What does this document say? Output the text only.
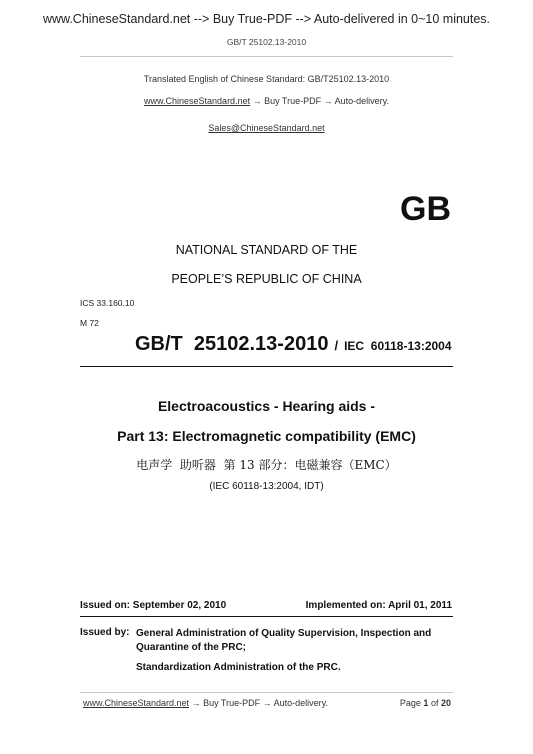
www.ChineseStandard.net --> Buy True-PDF --> Auto-delivered in 0~10 minutes.
GB/T 25102.13-2010
Translated English of Chinese Standard: GB/T25102.13-2010
www.ChineseStandard.net → Buy True-PDF → Auto-delivery.
Sales@ChineseStandard.net
GB
NATIONAL STANDARD OF THE
PEOPLE’S REPUBLIC OF CHINA
ICS 33.160.10
M 72
GB/T  25102.13-2010 / IEC  60118-13:2004
Electroacoustics - Hearing aids -
Part 13: Electromagnetic compatibility (EMC)
电声学  助听器  第 13 部分：电磁兼容（EMC）
(IEC 60118-13:2004, IDT)
Issued on: September 02, 2010	Implemented on: April 01, 2011
Issued by: General Administration of Quality Supervision, Inspection and
Quarantine of the PRC;
Standardization Administration of the PRC.
www.ChineseStandard.net → Buy True-PDF → Auto-delivery.	Page 1 of 20
